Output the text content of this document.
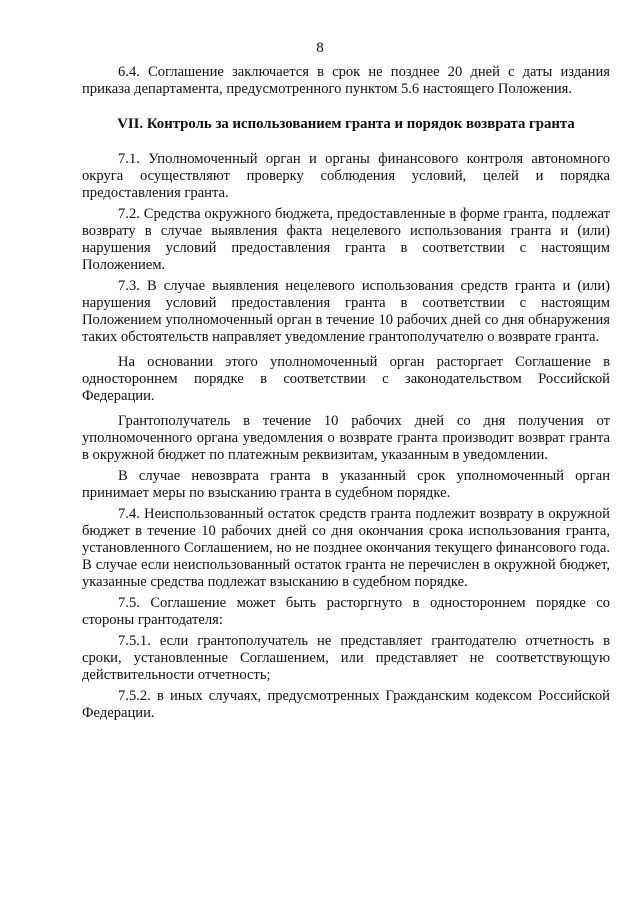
8

6.4. Соглашение заключается в срок не позднее 20 дней с даты издания приказа департамента, предусмотренного пунктом 5.6 настоящего Положения.

VII. Контроль за использованием гранта и порядок возврата гранта

7.1. Уполномоченный орган и органы финансового контроля автономного округа осуществляют проверку соблюдения условий, целей и порядка предоставления гранта.

7.2. Средства окружного бюджета, предоставленные в форме гранта, подлежат возврату в случае выявления факта нецелевого использования гранта и (или) нарушения условий предоставления гранта в соответствии с настоящим Положением.

7.3. В случае выявления нецелевого использования средств гранта и (или) нарушения условий предоставления гранта в соответствии с настоящим Положением уполномоченный орган в течение 10 рабочих дней со дня обнаружения таких обстоятельств направляет уведомление грантополучателю о возврате гранта.

На основании этого уполномоченный орган расторгает Соглашение в одностороннем порядке в соответствии с законодательством Российской Федерации.

Грантополучатель в течение 10 рабочих дней со дня получения от уполномоченного органа уведомления о возврате гранта производит возврат гранта в окружной бюджет по платежным реквизитам, указанным в уведомлении.

В случае невозврата гранта в указанный срок уполномоченный орган принимает меры по взысканию гранта в судебном порядке.

7.4. Неиспользованный остаток средств гранта подлежит возврату в окружной бюджет в течение 10 рабочих дней со дня окончания срока использования гранта, установленного Соглашением, но не позднее окончания текущего финансового года. В случае если неиспользованный остаток гранта не перечислен в окружной бюджет, указанные средства подлежат взысканию в судебном порядке.

7.5. Соглашение может быть расторгнуто в одностороннем порядке со стороны грантодателя:

7.5.1. если грантополучатель не представляет грантодателю отчетность в сроки, установленные Соглашением, или представляет не соответствующую действительности отчетность;

7.5.2. в иных случаях, предусмотренных Гражданским кодексом Российской Федерации.
